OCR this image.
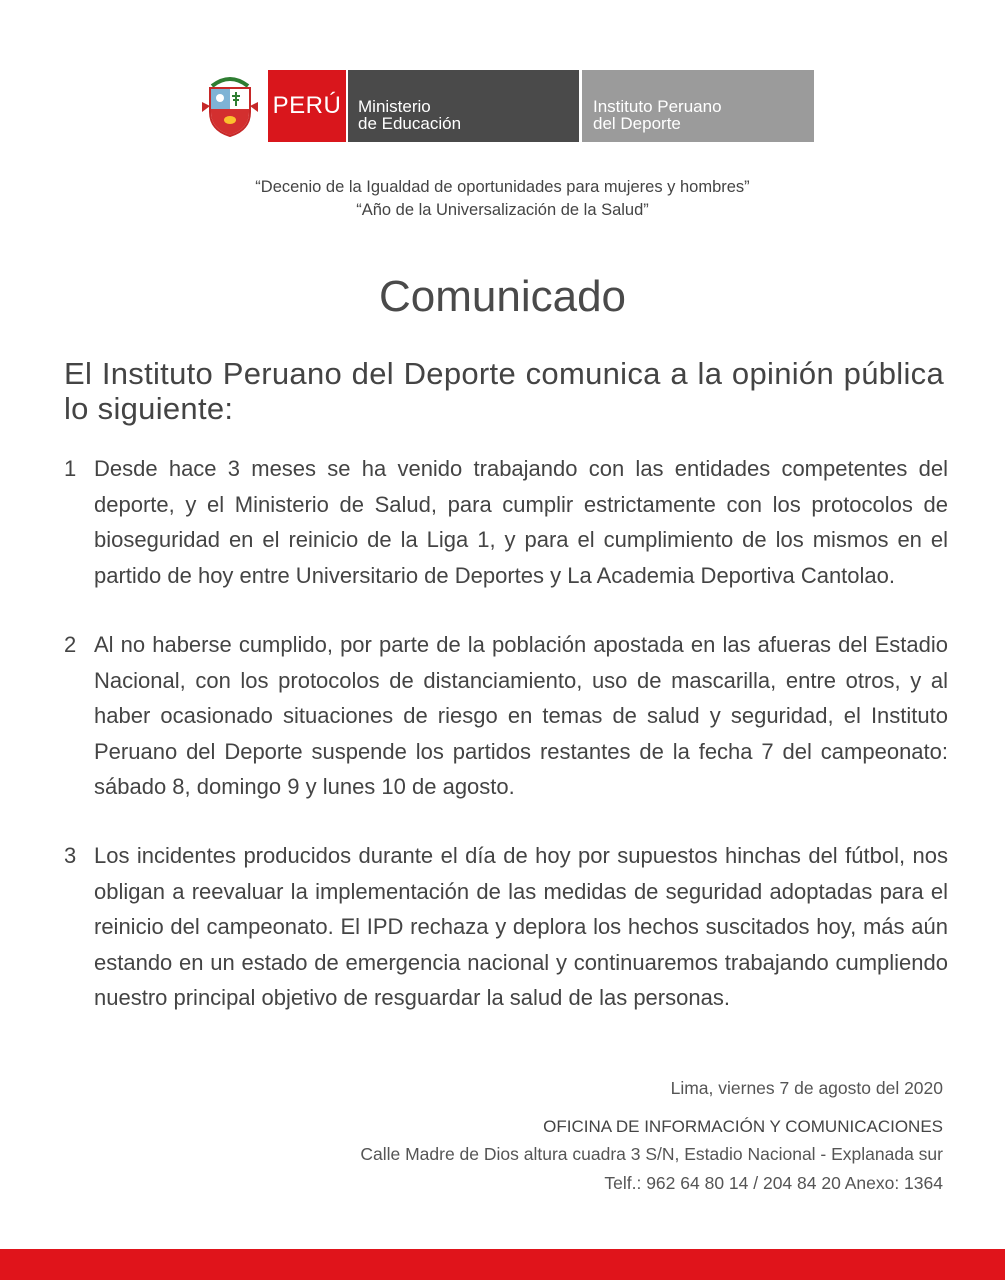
PERÚ Ministerio
de Educación
Instituto Peruano
del Deporte
“Decenio de la Igualdad de oportunidades para mujeres y hombres”
“Año de la Universalización de la Salud”
Comunicado
El Instituto Peruano del Deporte comunica a la opinión pública lo siguiente:
1 Desde hace 3 meses se ha venido trabajando con las entidades competentes del deporte, y el Ministerio de Salud, para cumplir estrictamente con los protocolos de bioseguridad en el reinicio de la Liga 1, y para el cumplimiento de los mismos en el partido de hoy entre Universitario de Deportes y La Academia Deportiva Cantolao.
2 Al no haberse cumplido, por parte de la población apostada en las afueras del Estadio Nacional, con los protocolos de distanciamiento, uso de mascarilla, entre otros, y al haber ocasionado situaciones de riesgo en temas de salud y seguridad, el Instituto Peruano del Deporte suspende los partidos restantes de la fecha 7 del campeonato: sábado 8, domingo 9 y lunes 10 de agosto.
3 Los incidentes producidos durante el día de hoy por supuestos hinchas del fútbol, nos obligan a reevaluar la implementación de las medidas de seguridad adoptadas para el reinicio del campeonato. El IPD rechaza y deplora los hechos suscitados hoy, más aún estando en un estado de emergencia nacional y continuaremos trabajando cumpliendo nuestro principal objetivo de resguardar la salud de las personas.
Lima, viernes 7 de agosto del 2020
OFICINA DE INFORMACIÓN Y COMUNICACIONES
Calle Madre de Dios altura cuadra 3 S/N, Estadio Nacional - Explanada sur
Telf.: 962 64 80 14 / 204 84 20 Anexo: 1364
